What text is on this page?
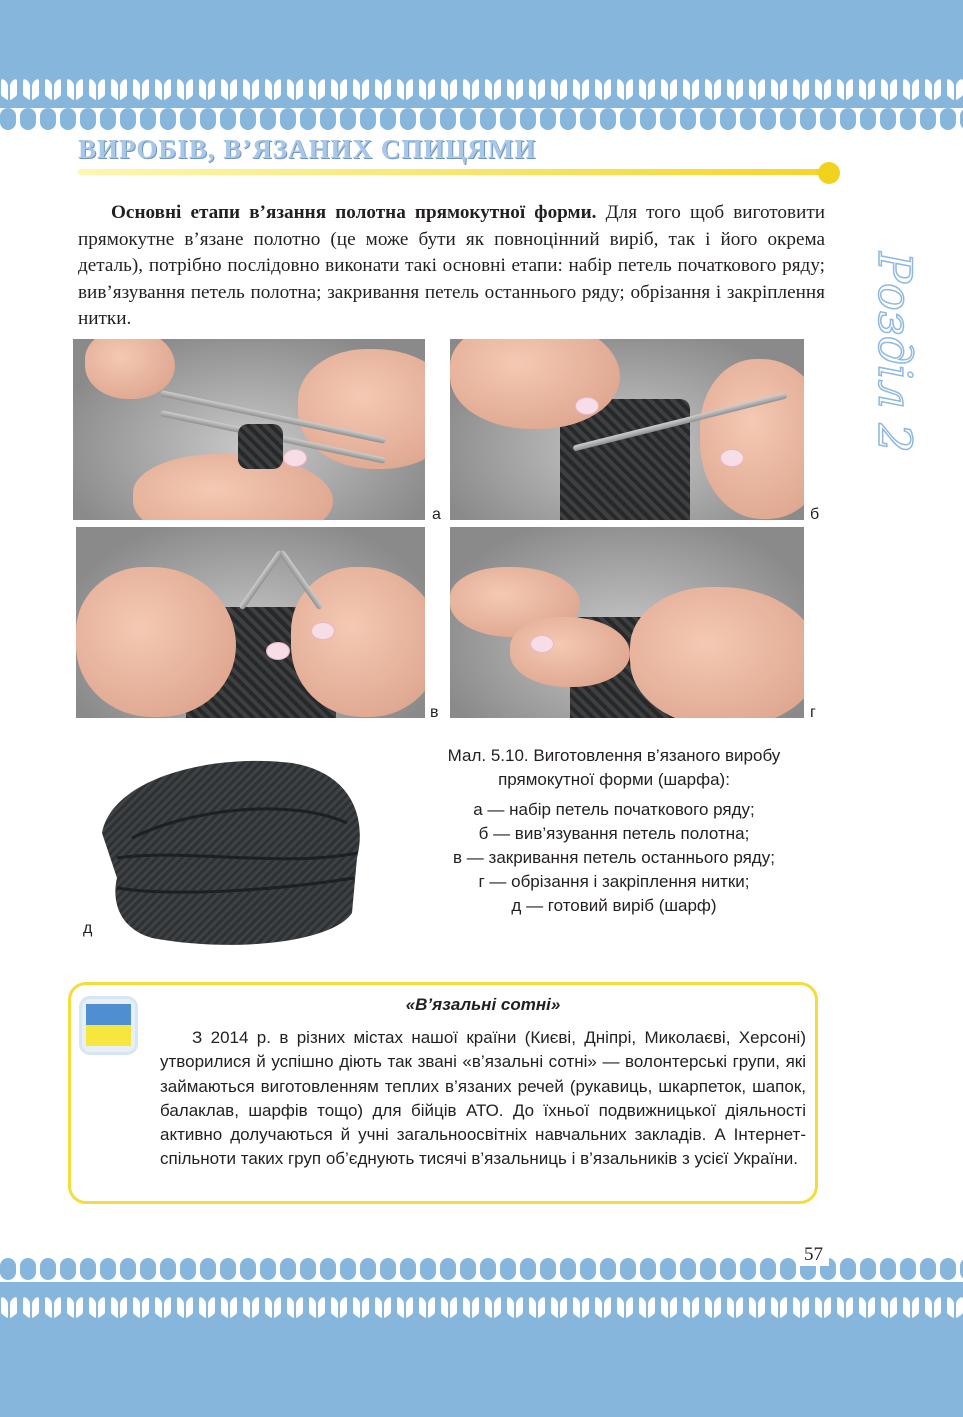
ВИРОБІВ, В’ЯЗАНИХ СПИЦЯМИ
Розділ 2

Основні етапи в’язання полотна прямокутної форми. Для того щоб виготовити прямокутне в’язане полотно (це може бути як повноцінний виріб, так і його окрема деталь), потрібно послідовно виконати такі основні етапи: набір петель початкового ряду; вив’язування петель полотна; закривання петель останнього ряду; обрізання і закріплення нитки.

а	б
в	г
д
Мал. 5.10. Виготовлення в’язаного виробу
прямокутної форми (шарфа):
а — набір петель початкового ряду;
б — вив’язування петель полотна;
в — закривання петель останнього ряду;
г — обрізання і закріплення нитки;
д — готовий виріб (шарф)
«В’язальні сотні»

З 2014 р. в різних містах нашої країни (Києві, Дніпрі, Миколаєві, Херсоні) утворилися й успішно діють так звані «в’язальні сотні» — волонтерські групи, які займаються виготовленням теплих в’язаних речей (рукавиць, шкарпеток, шапок, балаклав, шарфів тощо) для бійців АТО. До їхньої подвижницької діяльності активно долучаються й учні загальноосвітніх навчальних закладів. А Інтернет-спільноти таких груп об’єднують тисячі в’язальниць і в’язальників з усієї України.

57
